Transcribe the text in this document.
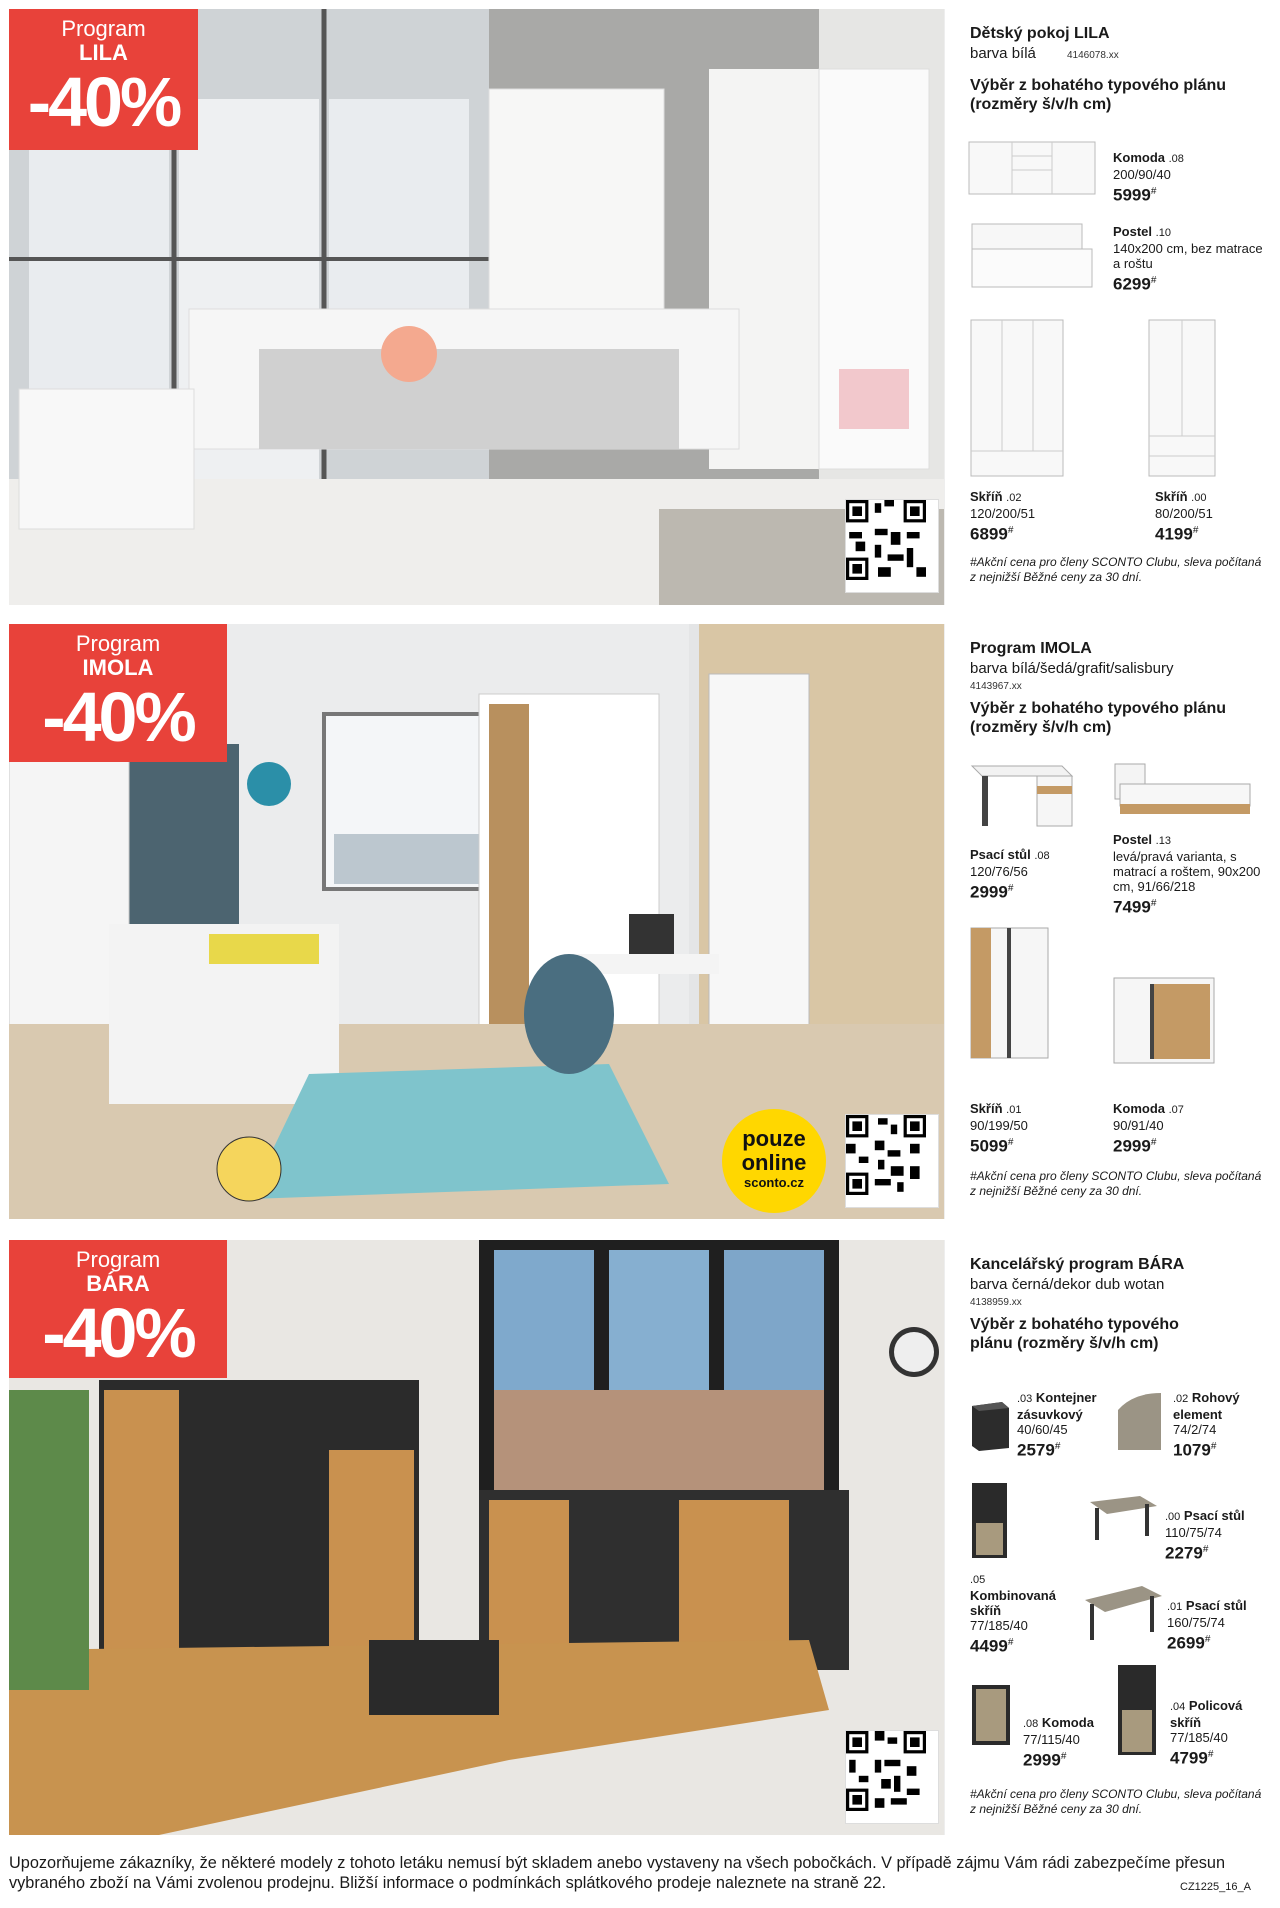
Program
LILA
-40%
Dětský pokoj LILA
barva bílá	4146078.xx
Výběr z bohatého typového plánu (rozměry š/v/h cm)
Komoda .08
200/90/40
5999#
Postel .10
140x200 cm, bez matrace a roštu
6299#
Skříň .02
120/200/51
6899#
Skříň .00
80/200/51
4199#
#Akční cena pro členy SCONTO Clubu, sleva počítaná z nejnižší Běžné ceny za 30 dní.
Program
IMOLA
-40%
pouze
online
sconto.cz
Program IMOLA
barva bílá/šedá/grafit/salisbury
4143967.xx
Výběr z bohatého typového plánu (rozměry š/v/h cm)
Psací stůl .08
120/76/56
2999#
Postel .13
levá/pravá varianta, s matrací a roštem, 90x200 cm, 91/66/218
7499#
Skříň .01
90/199/50
5099#
Komoda .07
90/91/40
2999#
#Akční cena pro členy SCONTO Clubu, sleva počítaná z nejnižší Běžné ceny za 30 dní.
Program
BÁRA
-40%
Kancelářský program BÁRA
barva černá/dekor dub wotan
4138959.xx
Výběr z bohatého typového plánu (rozměry š/v/h cm)
.03 Kontejner zásuvkový
40/60/45
2579#
.02 Rohový element
74/2/74
1079#
.05
Kombinovaná skříň
77/185/40
4499#
.00 Psací stůl
110/75/74
2279#
.01 Psací stůl
160/75/74
2699#
.08 Komoda
77/115/40
2999#
.04 Policová skříň
77/185/40
4799#
#Akční cena pro členy SCONTO Clubu, sleva počítaná z nejnižší Běžné ceny za 30 dní.
Upozorňujeme zákazníky, že některé modely z tohoto letáku nemusí být skladem anebo vystaveny na všech pobočkách. V případě zájmu Vám rádi zabezpečíme přesun vybraného zboží na Vámi zvolenou prodejnu. Bližší informace o podmínkách splátkového prodeje naleznete na straně 22.	CZ1225_16_A
